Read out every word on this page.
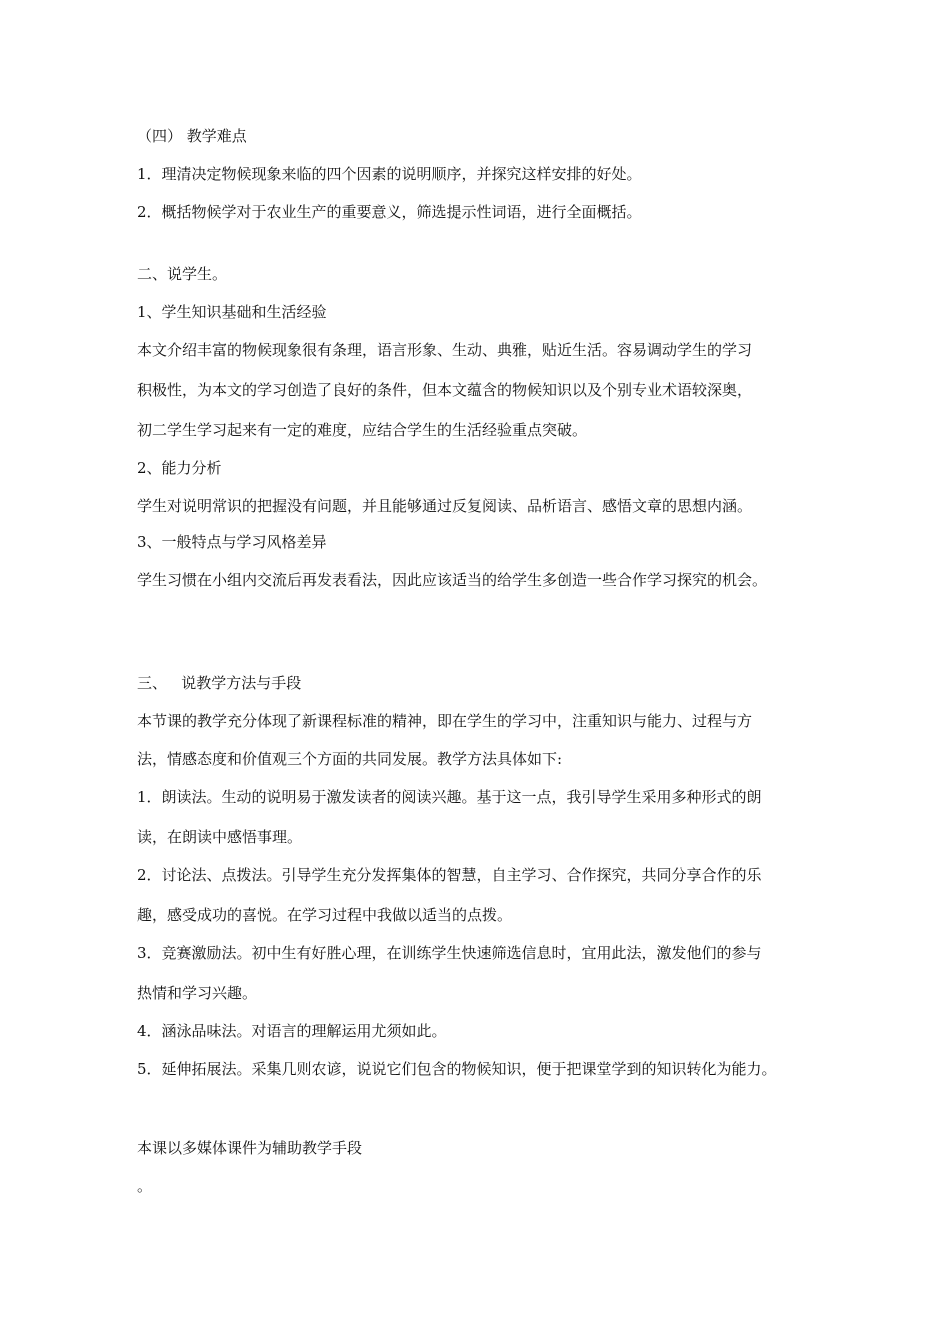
（四） 教学难点
1．理清决定物候现象来临的四个因素的说明顺序，并探究这样安排的好处。
2．概括物候学对于农业生产的重要意义，筛选提示性词语，进行全面概括。
二、说学生。
1、学生知识基础和生活经验
本文介绍丰富的物候现象很有条理，语言形象、生动、典雅，贴近生活。容易调动学生的学习
积极性，为本文的学习创造了良好的条件，但本文蕴含的物候知识以及个别专业术语较深奥，
初二学生学习起来有一定的难度，应结合学生的生活经验重点突破。
2、能力分析
学生对说明常识的把握没有问题，并且能够通过反复阅读、品析语言、感悟文章的思想内涵。
3、一般特点与学习风格差异
学生习惯在小组内交流后再发表看法，因此应该适当的给学生多创造一些合作学习探究的机会。
三、   说教学方法与手段
本节课的教学充分体现了新课程标准的精神，即在学生的学习中，注重知识与能力、过程与方
法，情感态度和价值观三个方面的共同发展。教学方法具体如下:
1．朗读法。生动的说明易于激发读者的阅读兴趣。基于这一点，我引导学生采用多种形式的朗
读，在朗读中感悟事理。
2．讨论法、点拨法。引导学生充分发挥集体的智慧，自主学习、合作探究，共同分享合作的乐
趣，感受成功的喜悦。在学习过程中我做以适当的点拨。
3．竞赛激励法。初中生有好胜心理，在训练学生快速筛选信息时，宜用此法，激发他们的参与
热情和学习兴趣。
4．涵泳品味法。对语言的理解运用尤须如此。
5．延伸拓展法。采集几则农谚，说说它们包含的物候知识，便于把课堂学到的知识转化为能力。
本课以多媒体课件为辅助教学手段
。
